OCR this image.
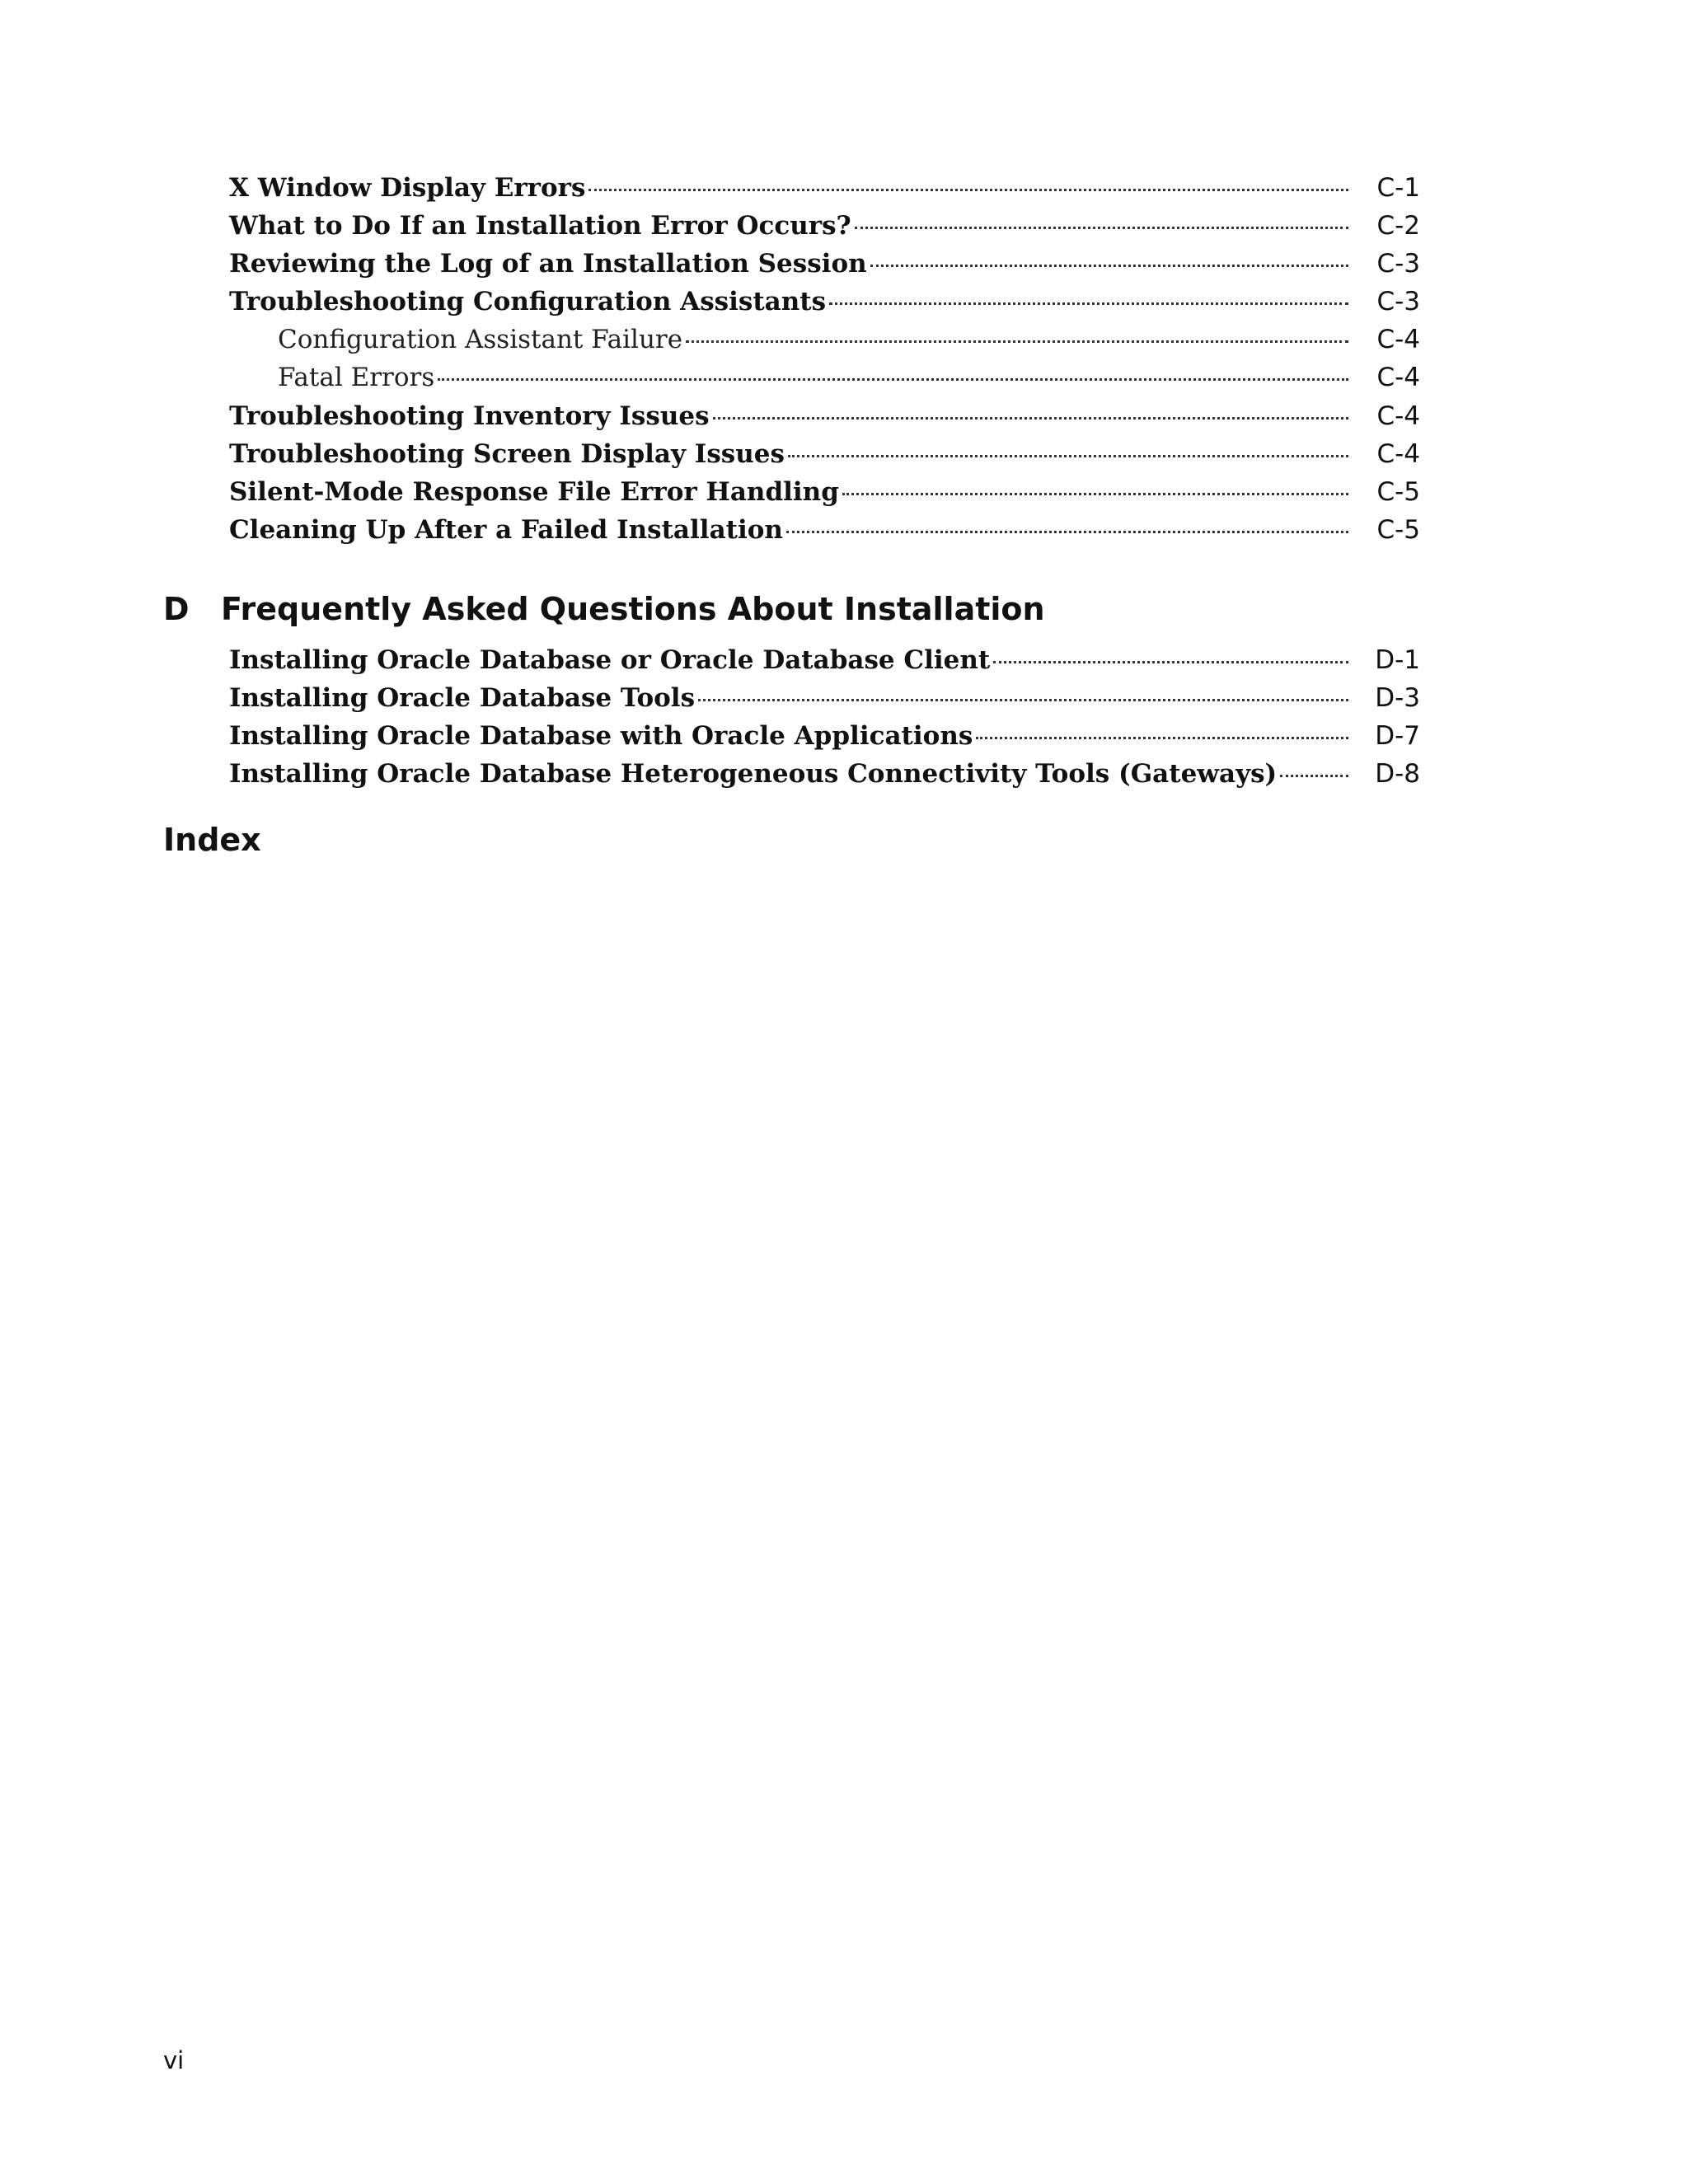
X Window Display Errors	C-1
What to Do If an Installation Error Occurs?	C-2
Reviewing the Log of an Installation Session	C-3
Troubleshooting Configuration Assistants	C-3
Configuration Assistant Failure	C-4
Fatal Errors	C-4
Troubleshooting Inventory Issues	C-4
Troubleshooting Screen Display Issues	C-4
Silent-Mode Response File Error Handling	C-5
Cleaning Up After a Failed Installation	C-5
D Frequently Asked Questions About Installation
Installing Oracle Database or Oracle Database Client	D-1
Installing Oracle Database Tools	D-3
Installing Oracle Database with Oracle Applications	D-7
Installing Oracle Database Heterogeneous Connectivity Tools (Gateways)	D-8
Index
vi
